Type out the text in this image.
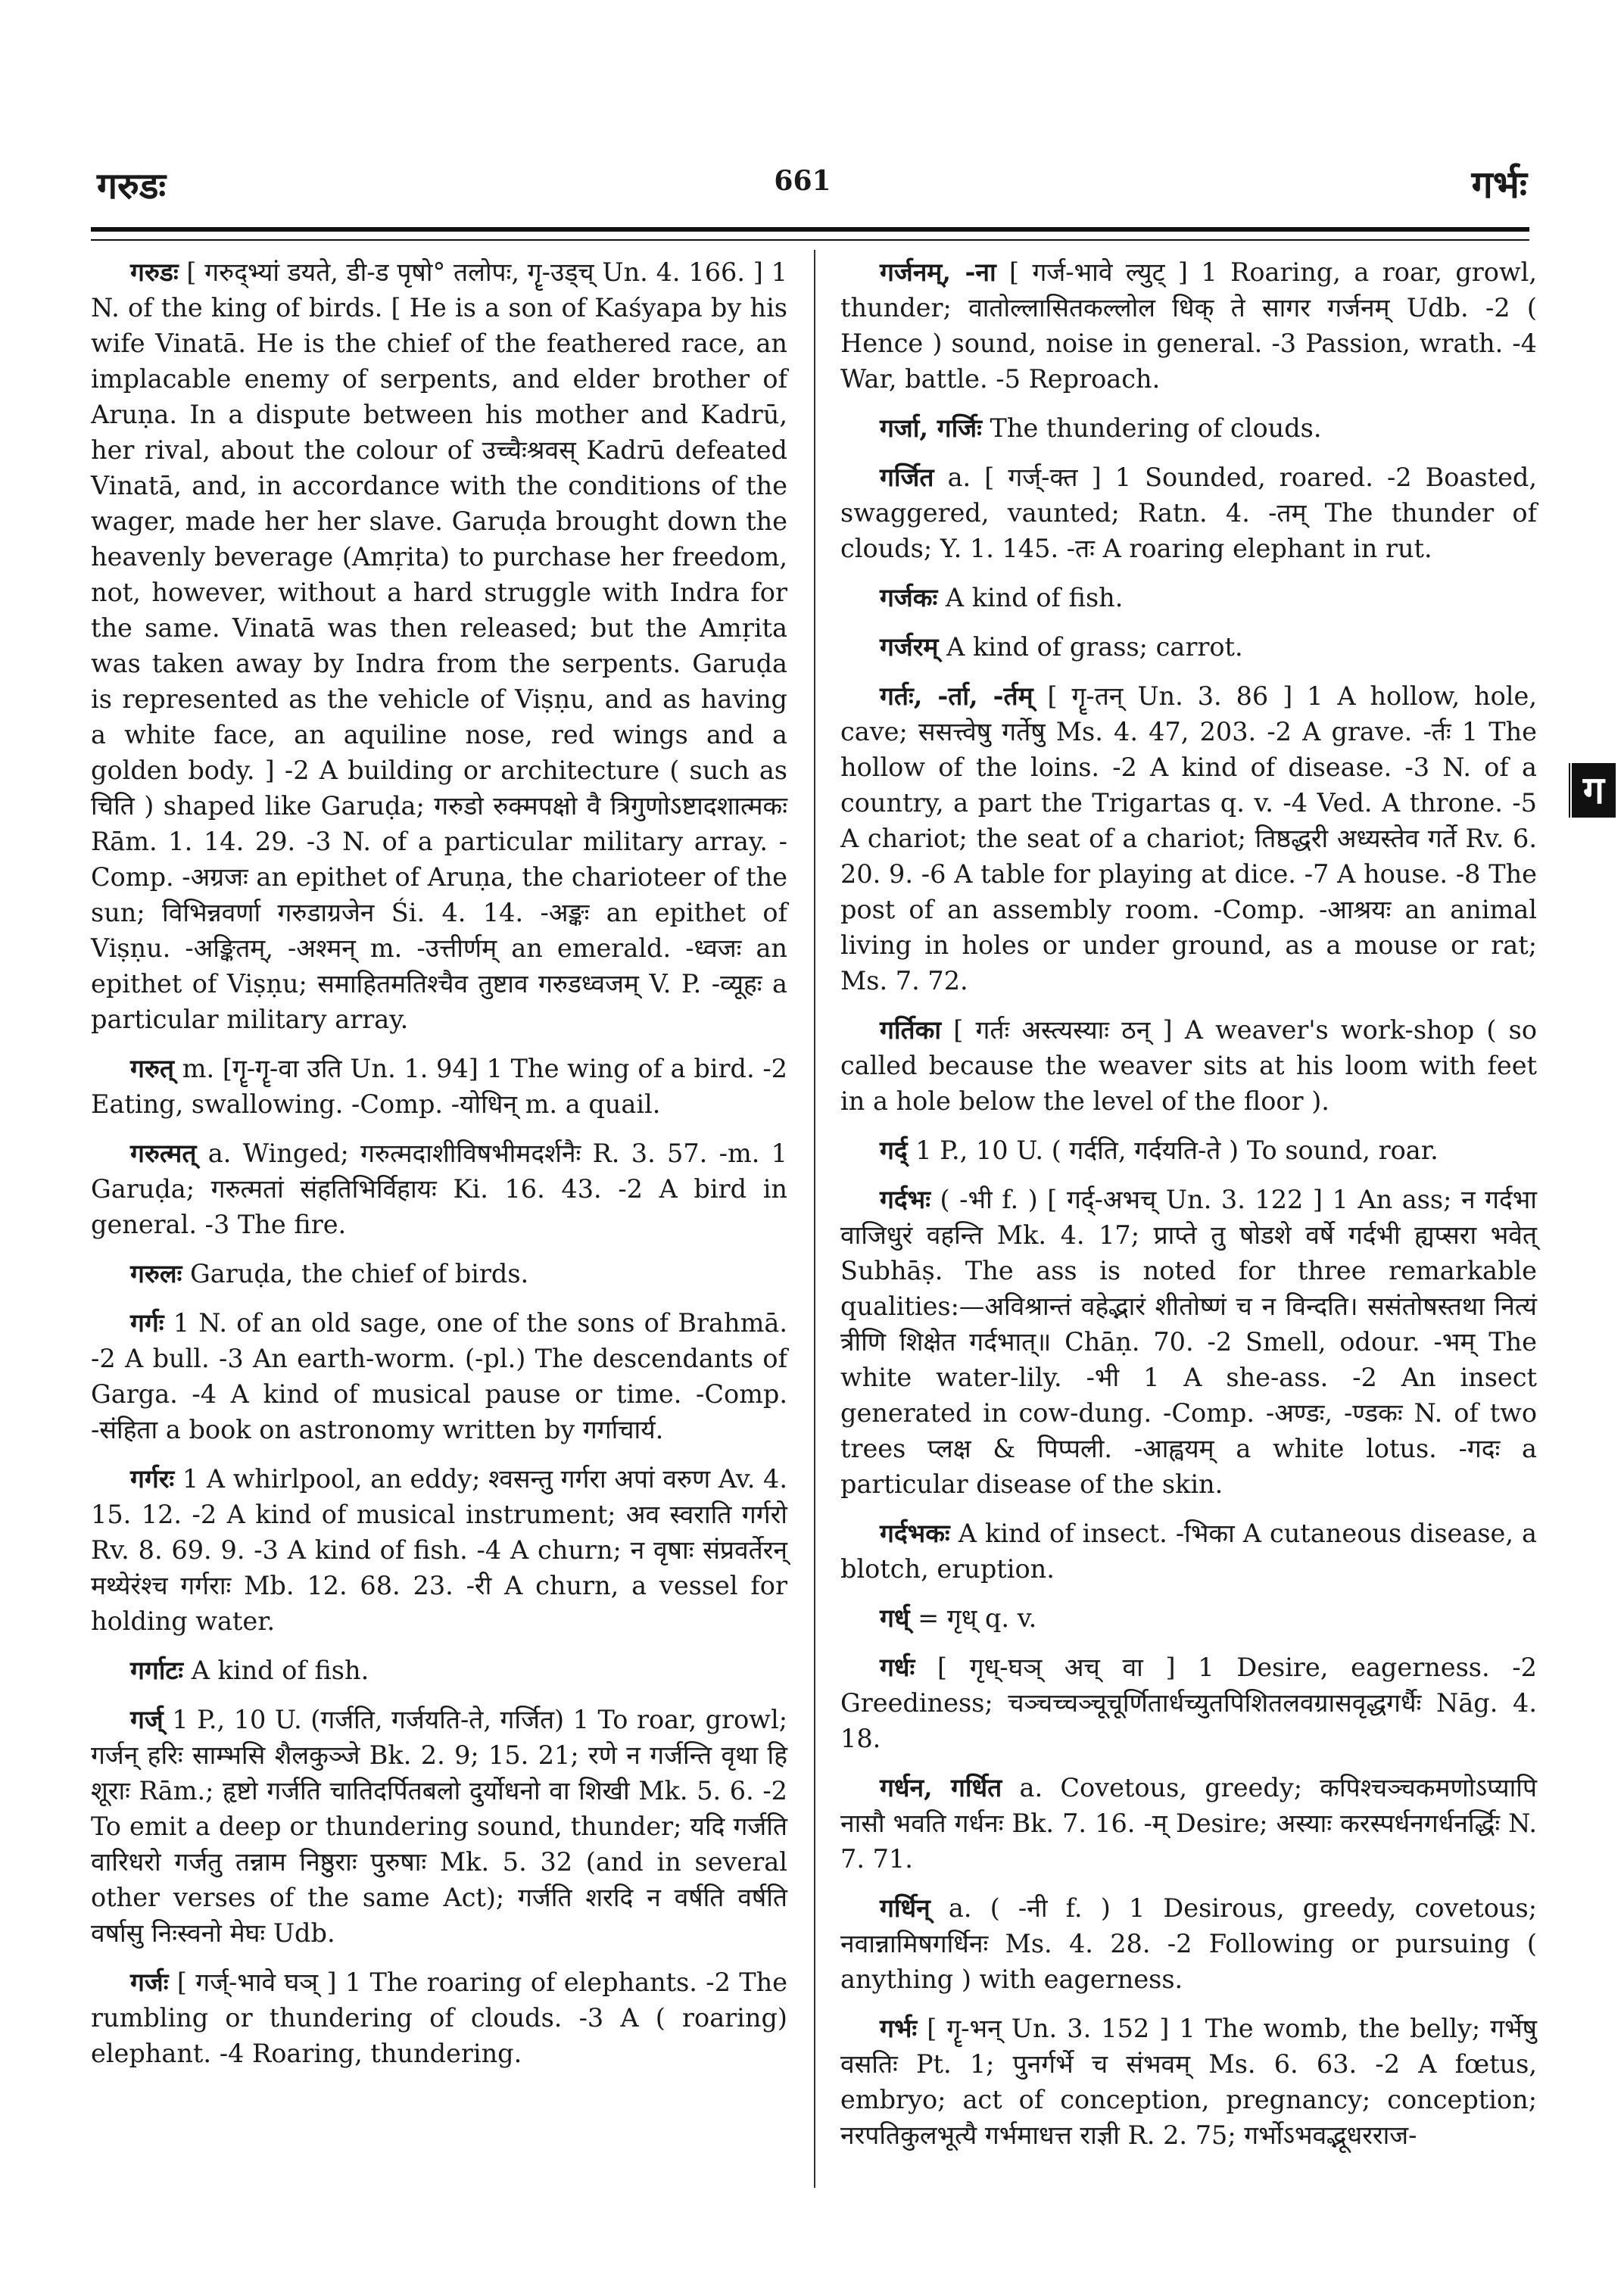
गरुडः	661	गर्भः

गरुडः [ गरुद्भ्यां डयते, डी-ड पृषो° तलोपः, गॄ-उड्च् Un. 4. 166. ] 1 N. of the king of birds. [ He is a son of Kaśyapa by his wife Vinatā. He is the chief of the feathered race, an implacable enemy of serpents, and elder brother of Aruṇa. In a dispute between his mother and Kadrū, her rival, about the colour of उच्चैःश्रवस् Kadrū defeated Vinatā, and, in accordance with the conditions of the wager, made her her slave. Garuḍa brought down the heavenly beverage (Amṛita) to purchase her freedom, not, however, without a hard struggle with Indra for the same. Vinatā was then released; but the Amṛita was taken away by Indra from the serpents. Garuḍa is represented as the vehicle of Viṣṇu, and as having a white face, an aquiline nose, red wings and a golden body. ] -2 A building or architecture ( such as चिति ) shaped like Garuḍa; गरुडो रुक्मपक्षो वै त्रिगुणोऽष्टादशात्मकः Rām. 1. 14. 29. -3 N. of a particular military array. -Comp. -अग्रजः an epithet of Aruṇa, the charioteer of the sun; विभिन्नवर्णा गरुडाग्रजेन Śi. 4. 14. -अङ्कः an epithet of Viṣṇu. -अङ्कितम्, -अश्मन् m. -उत्तीर्णम् an emerald. -ध्वजः an epithet of Viṣṇu; समाहितमतिश्चैव तुष्टाव गरुडध्वजम् V. P. -व्यूहः a particular military array.

गरुत् m. [गॄ-गॄ-वा उति Un. 1. 94] 1 The wing of a bird. -2 Eating, swallowing. -Comp. -योधिन् m. a quail.

गरुत्मत् a. Winged; गरुत्मदाशीविषभीमदर्शनैः R. 3. 57. -m. 1 Garuḍa; गरुत्मतां संहतिभिर्विहायः Ki. 16. 43. -2 A bird in general. -3 The fire.

गरुलः Garuḍa, the chief of birds.

गर्गः 1 N. of an old sage, one of the sons of Brahmā. -2 A bull. -3 An earth-worm. (-pl.) The descendants of Garga. -4 A kind of musical pause or time. -Comp. -संहिता a book on astronomy written by गर्गाचार्य.

गर्गरः 1 A whirlpool, an eddy; श्वसन्तु गर्गरा अपां वरुण Av. 4. 15. 12. -2 A kind of musical instrument; अव स्वराति गर्गरो Rv. 8. 69. 9. -3 A kind of fish. -4 A churn; न वृषाः संप्रवर्तेरन् मथ्येरंश्च गर्गराः Mb. 12. 68. 23. -री A churn, a vessel for holding water.

गर्गाटः A kind of fish.

गर्ज् 1 P., 10 U. (गर्जति, गर्जयति-ते, गर्जित) 1 To roar, growl; गर्जन् हरिः साम्भसि शैलकुञ्जे Bk. 2. 9; 15. 21; रणे न गर्जन्ति वृथा हि शूराः Rām.; हृष्टो गर्जति चातिदर्पितबलो दुर्योधनो वा शिखी Mk. 5. 6. -2 To emit a deep or thundering sound, thunder; यदि गर्जति वारिधरो गर्जतु तन्नाम निष्ठुराः पुरुषाः Mk. 5. 32 (and in several other verses of the same Act); गर्जति शरदि न वर्षति वर्षति वर्षासु निःस्वनो मेघः Udb.

गर्जः [ गर्ज्-भावे घञ् ] 1 The roaring of elephants. -2 The rumbling or thundering of clouds. -3 A ( roaring) elephant. -4 Roaring, thundering.

गर्जनम्, -ना [ गर्ज-भावे ल्युट् ] 1 Roaring, a roar, growl, thunder; वातोल्लासितकल्लोल धिक् ते सागर गर्जनम् Udb. -2 ( Hence ) sound, noise in general. -3 Passion, wrath. -4 War, battle. -5 Reproach.

गर्जा, गर्जिः The thundering of clouds.

गर्जित a. [ गर्ज्-क्त ] 1 Sounded, roared. -2 Boasted, swaggered, vaunted; Ratn. 4. -तम् The thunder of clouds; Y. 1. 145. -तः A roaring elephant in rut.

गर्जकः A kind of fish.

गर्जरम् A kind of grass; carrot.

गर्तः, -र्ता, -र्तम् [ गॄ-तन् Un. 3. 86 ] 1 A hollow, hole, cave; ससत्त्वेषु गर्तेषु Ms. 4. 47, 203. -2 A grave. -र्तः 1 The hollow of the loins. -2 A kind of disease. -3 N. of a country, a part the Trigartas q. v. -4 Ved. A throne. -5 A chariot; the seat of a chariot; तिष्ठद्धरी अध्यस्तेव गर्ते Rv. 6. 20. 9. -6 A table for playing at dice. -7 A house. -8 The post of an assembly room. -Comp. -आश्रयः an animal living in holes or under ground, as a mouse or rat; Ms. 7. 72.

गर्तिका [ गर्तः अस्त्यस्याः ठन् ] A weaver's work-shop ( so called because the weaver sits at his loom with feet in a hole below the level of the floor ).

गर्द् 1 P., 10 U. ( गर्दति, गर्दयति-ते ) To sound, roar.

गर्दभः ( -भी f. ) [ गर्द्-अभच् Un. 3. 122 ] 1 An ass; न गर्दभा वाजिधुरं वहन्ति Mk. 4. 17; प्राप्ते तु षोडशे वर्षे गर्दभी ह्यप्सरा भवेत् Subhāṣ. The ass is noted for three remarkable qualities:—अविश्रान्तं वहेद्भारं शीतोष्णं च न विन्दति। ससंतोषस्तथा नित्यं त्रीणि शिक्षेत गर्दभात्॥ Chāṇ. 70. -2 Smell, odour. -भम् The white water-lily. -भी 1 A she-ass. -2 An insect generated in cow-dung. -Comp. -अण्डः, -ण्डकः N. of two trees प्लक्ष & पिप्पली. -आह्वयम् a white lotus. -गदः a particular disease of the skin.

गर्दभकः A kind of insect. -भिका A cutaneous disease, a blotch, eruption.

गर्ध् = गृध् q. v.

गर्धः [ गृध्-घञ् अच् वा ] 1 Desire, eagerness. -2 Greediness; चञ्चच्चञ्चूचूर्णितार्धच्युतपिशितलवग्रासवृद्धगर्धैः Nāg. 4. 18.

गर्धन, गर्धित a. Covetous, greedy; कपिश्चञ्चकमणोऽप्यापि नासौ भवति गर्धनः Bk. 7. 16. -म् Desire; अस्याः करस्पर्धनगर्धनर्द्धिः N. 7. 71.

गर्धिन् a. ( -नी f. ) 1 Desirous, greedy, covetous; नवान्नामिषगर्धिनः Ms. 4. 28. -2 Following or pursuing ( anything ) with eagerness.

गर्भः [ गॄ-भन् Un. 3. 152 ] 1 The womb, the belly; गर्भेषु वसतिः Pt. 1; पुनर्गर्भे च संभवम् Ms. 6. 63. -2 A fœtus, embryo; act of conception, pregnancy; conception; नरपतिकुलभूत्यै गर्भमाधत्त राज्ञी R. 2. 75; गर्भोऽभवद्भूधरराज-

ग
